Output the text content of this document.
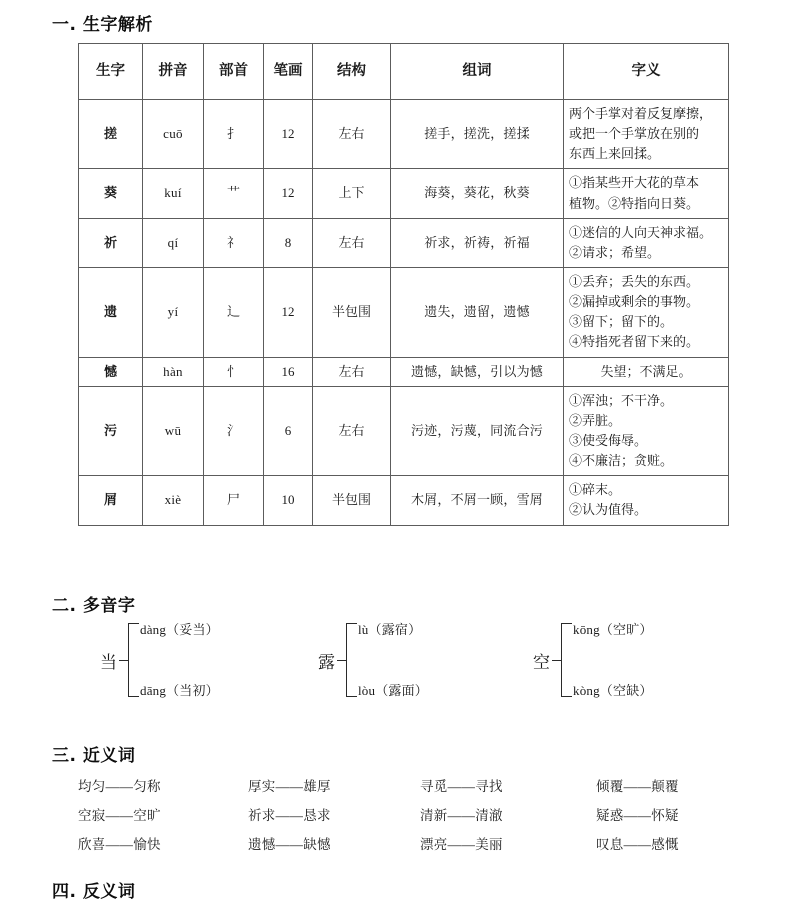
一. 生字解析
生字	拼音	部首	笔画	结构	组词	字义
搓	cuō	扌	12	左右	搓手，搓洗，搓揉	两个手掌对着反复摩擦，
或把一个手掌放在别的
东西上来回揉。

葵	kuí	艹	12	上下	海葵，葵花，秋葵	①指某些开大花的草本
植物。②特指向日葵。

祈	qí	礻	8	左右	祈求，祈祷，祈福	①迷信的人向天神求福。
②请求；希望。

遗	yí	辶	12	半包围	遗失，遗留，遗憾	①丢弃；丢失的东西。
②漏掉或剩余的事物。
③留下；留下的。
④特指死者留下来的。

憾	hàn	忄	16	左右	遗憾，缺憾，引以为憾	失望；不满足。

污	wū	氵	6	左右	污迹，污蔑，同流合污	①浑浊；不干净。
②弄脏。
③使受侮辱。
④不廉洁；贪赃。

屑	xiè	尸	10	半包围	木屑，不屑一顾，雪屑	①碎末。
②认为值得。
二. 多音字
当
dàng（妥当）
dāng（当初）
露
lù（露宿）
lòu（露面）
空
kōng（空旷）
kòng（空缺）
三. 近义词
均匀——匀称	厚实——雄厚	寻觅——寻找	倾覆——颠覆
空寂——空旷	祈求——恳求	清新——清澈	疑惑——怀疑
欣喜——愉快	遗憾——缺憾	漂亮——美丽	叹息——感慨
四. 反义词
